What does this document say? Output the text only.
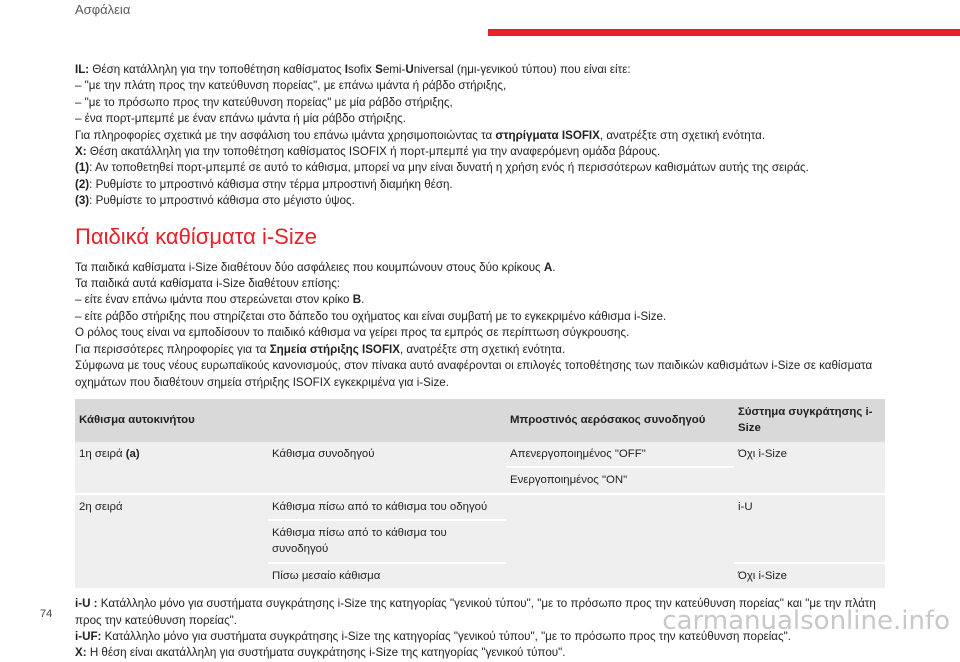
Ασφάλεια

IL: Θέση κατάλληλη για την τοποθέτηση καθίσματος Isofix Semi-Universal (ημι-γενικού τύπου) που είναι είτε:

– "με την πλάτη προς την κατεύθυνση πορείας", με επάνω ιμάντα ή ράβδο στήριξης,

– "με το πρόσωπο προς την κατεύθυνση πορείας" με μία ράβδο στήριξης,

– ένα πορτ-μπεμπέ με έναν επάνω ιμάντα ή μία ράβδο στήριξης.

Για πληροφορίες σχετικά με την ασφάλιση του επάνω ιμάντα χρησιμοποιώντας τα στηρίγματα ISOFIX, ανατρέξτε στη σχετική ενότητα.

X: Θέση ακατάλληλη για την τοποθέτηση καθίσματος ISOFIX ή πορτ-μπεμπέ για την αναφερόμενη ομάδα βάρους.

(1): Αν τοποθετηθεί πορτ-μπεμπέ σε αυτό το κάθισμα, μπορεί να μην είναι δυνατή η χρήση ενός ή περισσότερων καθισμάτων αυτής της σειράς.

(2): Ρυθμίστε το μπροστινό κάθισμα στην τέρμα μπροστινή διαμήκη θέση.

(3): Ρυθμίστε το μπροστινό κάθισμα στο μέγιστο ύψος.

Παιδικά καθίσματα i-Size

Τα παιδικά καθίσματα i-Size διαθέτουν δύο ασφάλειες που κουμπώνουν στους δύο κρίκους A.

Τα παιδικά αυτά καθίσματα i-Size διαθέτουν επίσης:

– είτε έναν επάνω ιμάντα που στερεώνεται στον κρίκο B.

– είτε ράβδο στήριξης που στηρίζεται στο δάπεδο του οχήματος και είναι συμβατή με το εγκεκριμένο κάθισμα i-Size.

Ο ρόλος τους είναι να εμποδίσουν το παιδικό κάθισμα να γείρει προς τα εμπρός σε περίπτωση σύγκρουσης.

Για περισσότερες πληροφορίες για τα Σημεία στήριξης ISOFIX, ανατρέξτε στη σχετική ενότητα.

Σύμφωνα με τους νέους ευρωπαϊκούς κανονισμούς, στον πίνακα αυτό αναφέρονται οι επιλογές τοποθέτησης των παιδικών καθισμάτων i-Size σε καθίσματα οχημάτων που διαθέτουν σημεία στήριξης ISOFIX εγκεκριμένα για i-Size.

Κάθισμα αυτοκινήτου		Μπροστινός αερόσακος συνοδηγού	Σύστημα συγκράτησης i-Size
1η σειρά (a)	Κάθισμα συνοδηγού	Απενεργοποιημένος "OFF"	Όχι i-Size
		Ενεργοποιημένος "ON"	
2η σειρά	Κάθισμα πίσω από το κάθισμα του οδηγού		i-U
	Κάθισμα πίσω από το κάθισμα του συνοδηγού		
	Πίσω μεσαίο κάθισμα		Όχι i-Size

i-U : Κατάλληλο μόνο για συστήματα συγκράτησης i-Size της κατηγορίας "γενικού τύπου", "με το πρόσωπο προς την κατεύθυνση πορείας" και "με την πλάτη προς την κατεύθυνση πορείας".

i-UF: Κατάλληλο μόνο για συστήματα συγκράτησης i-Size της κατηγορίας "γενικού τύπου", "με το πρόσωπο προς την κατεύθυνση πορείας".

X: Η θέση είναι ακατάλληλη για συστήματα συγκράτησης i-Size της κατηγορίας "γενικού τύπου".

74	carmanualsonline.info
